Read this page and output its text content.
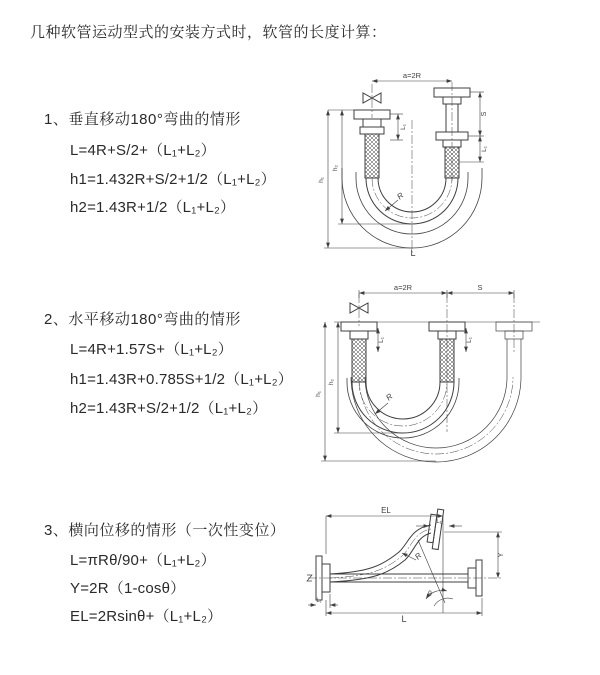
几种软管运动型式的安装方式时，软管的长度计算：
1、垂直移动180°弯曲的情形
L=4R+S/2+（L₁+L₂）
h1=1.432R+S/2+1/2（L₁+L₂）
h2=1.43R+1/2（L₁+L₂）
2、水平移动180°弯曲的情形
L=4R+1.57S+（L₁+L₂）
h1=1.43R+0.785S+1/2（L₁+L₂）
h2=1.43R+S/2+1/2（L₁+L₂）
3、横向位移的情形（一次性变位）
L=πRθ/90+（L₁+L₂）
Y=2R（1-cosθ）
EL=2Rsinθ+（L₁+L₂）
a=2R
L₁
S
L₁
h₂
h₁
R
L
a=2R	S
L₁	L₁
h₂
h₁	R
EL
L₁
Y
R
θ
L
L₁
